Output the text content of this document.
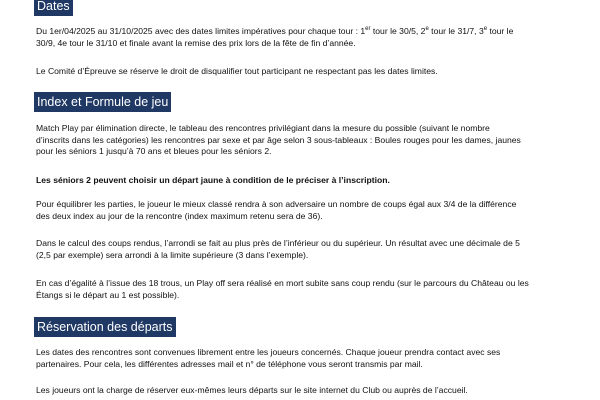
Dates

Du 1er/04/2025 au 31/10/2025 avec des dates limites impératives pour chaque tour : 1er tour le 30/5, 2e tour le 31/7, 3e tour le
30/9, 4e tour le 31/10 et finale avant la remise des prix lors de la fête de fin d’année.

Le Comité d’Épreuve se réserve le droit de disqualifier tout participant ne respectant pas les dates limites.

Index et Formule de jeu

Match Play par élimination directe, le tableau des rencontres privilégiant dans la mesure du possible (suivant le nombre
d’inscrits dans les catégories) les rencontres par sexe et par âge selon 3 sous-tableaux : Boules rouges pour les dames, jaunes
pour les séniors 1 jusqu’à 70 ans et bleues pour les séniors 2.

Les séniors 2 peuvent choisir un départ jaune à condition de le préciser à l’inscription.

Pour équilibrer les parties, le joueur le mieux classé rendra à son adversaire un nombre de coups égal aux 3/4 de la différence
des deux index au jour de la rencontre (index maximum retenu sera de 36).

Dans le calcul des coups rendus, l’arrondi se fait au plus près de l’inférieur ou du supérieur. Un résultat avec une décimale de 5
(2,5 par exemple) sera arrondi à la limite supérieure (3 dans l’exemple).

En cas d’égalité à l’issue des 18 trous, un Play off sera réalisé en mort subite sans coup rendu (sur le parcours du Château ou les
Étangs si le départ au 1 est possible).

Réservation des départs

Les dates des rencontres sont convenues librement entre les joueurs concernés. Chaque joueur prendra contact avec ses
partenaires. Pour cela, les différentes adresses mail et n° de téléphone vous seront transmis par mail.

Les joueurs ont la charge de réserver eux-mêmes leurs départs sur le site internet du Club ou auprès de l’accueil.
